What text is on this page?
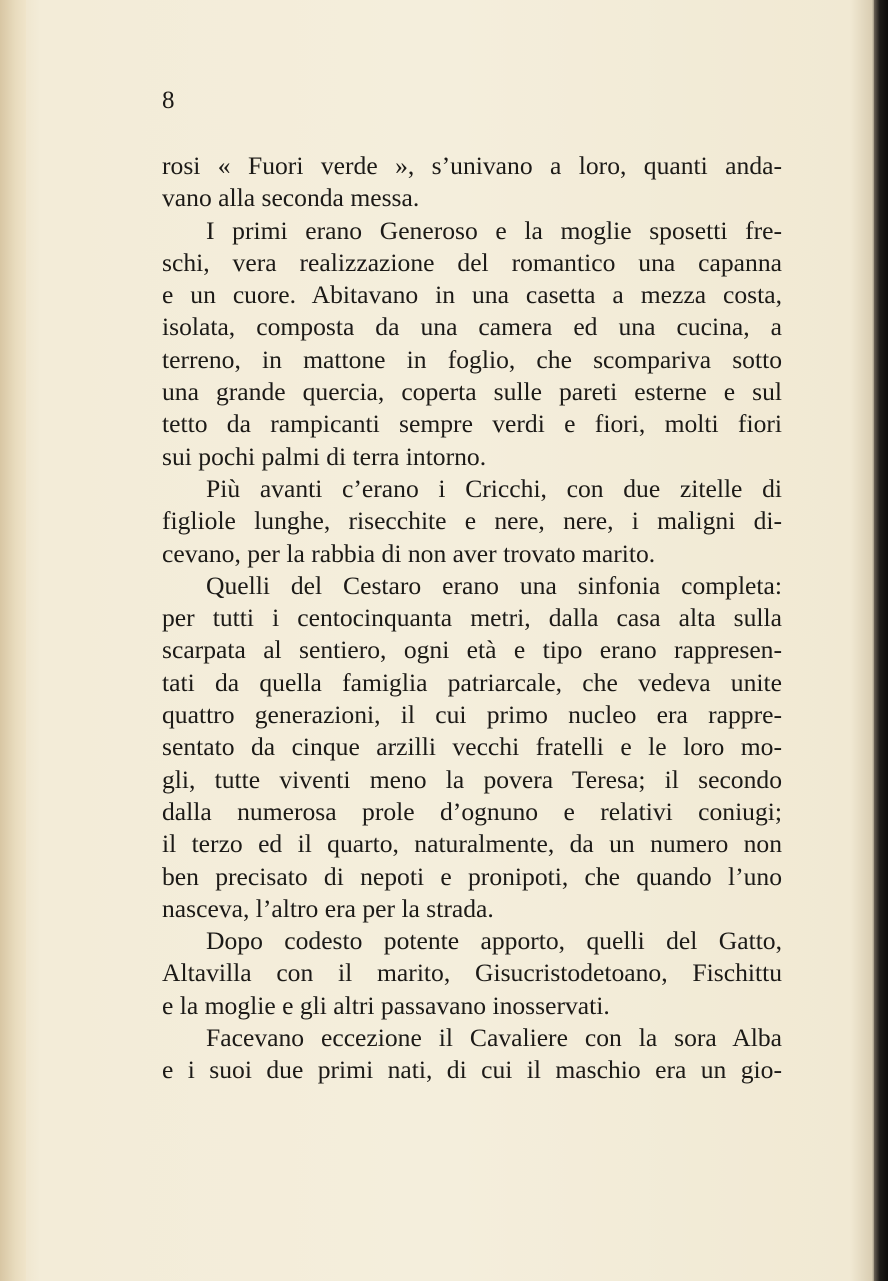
8
rosi « Fuori verde », s’univano a loro, quanti anda-
vano alla seconda messa.
I primi erano Generoso e la moglie sposetti fre-
schi, vera realizzazione del romantico una capanna
e un cuore. Abitavano in una casetta a mezza costa,
isolata, composta da una camera ed una cucina, a
terreno, in mattone in foglio, che scompariva sotto
una grande quercia, coperta sulle pareti esterne e sul
tetto da rampicanti sempre verdi e fiori, molti fiori
sui pochi palmi di terra intorno.
Più avanti c’erano i Cricchi, con due zitelle di
figliole lunghe, risecchite e nere, nere, i maligni di-
cevano, per la rabbia di non aver trovato marito.
Quelli del Cestaro erano una sinfonia completa:
per tutti i centocinquanta metri, dalla casa alta sulla
scarpata al sentiero, ogni età e tipo erano rappresen-
tati da quella famiglia patriarcale, che vedeva unite
quattro generazioni, il cui primo nucleo era rappre-
sentato da cinque arzilli vecchi fratelli e le loro mo-
gli, tutte viventi meno la povera Teresa; il secondo
dalla numerosa prole d’ognuno e relativi coniugi;
il terzo ed il quarto, naturalmente, da un numero non
ben precisato di nepoti e pronipoti, che quando l’uno
nasceva, l’altro era per la strada.
Dopo codesto potente apporto, quelli del Gatto,
Altavilla con il marito, Gisucristodetoano, Fischittu
e la moglie e gli altri passavano inosservati.
Facevano eccezione il Cavaliere con la sora Alba
e i suoi due primi nati, di cui il maschio era un gio-
